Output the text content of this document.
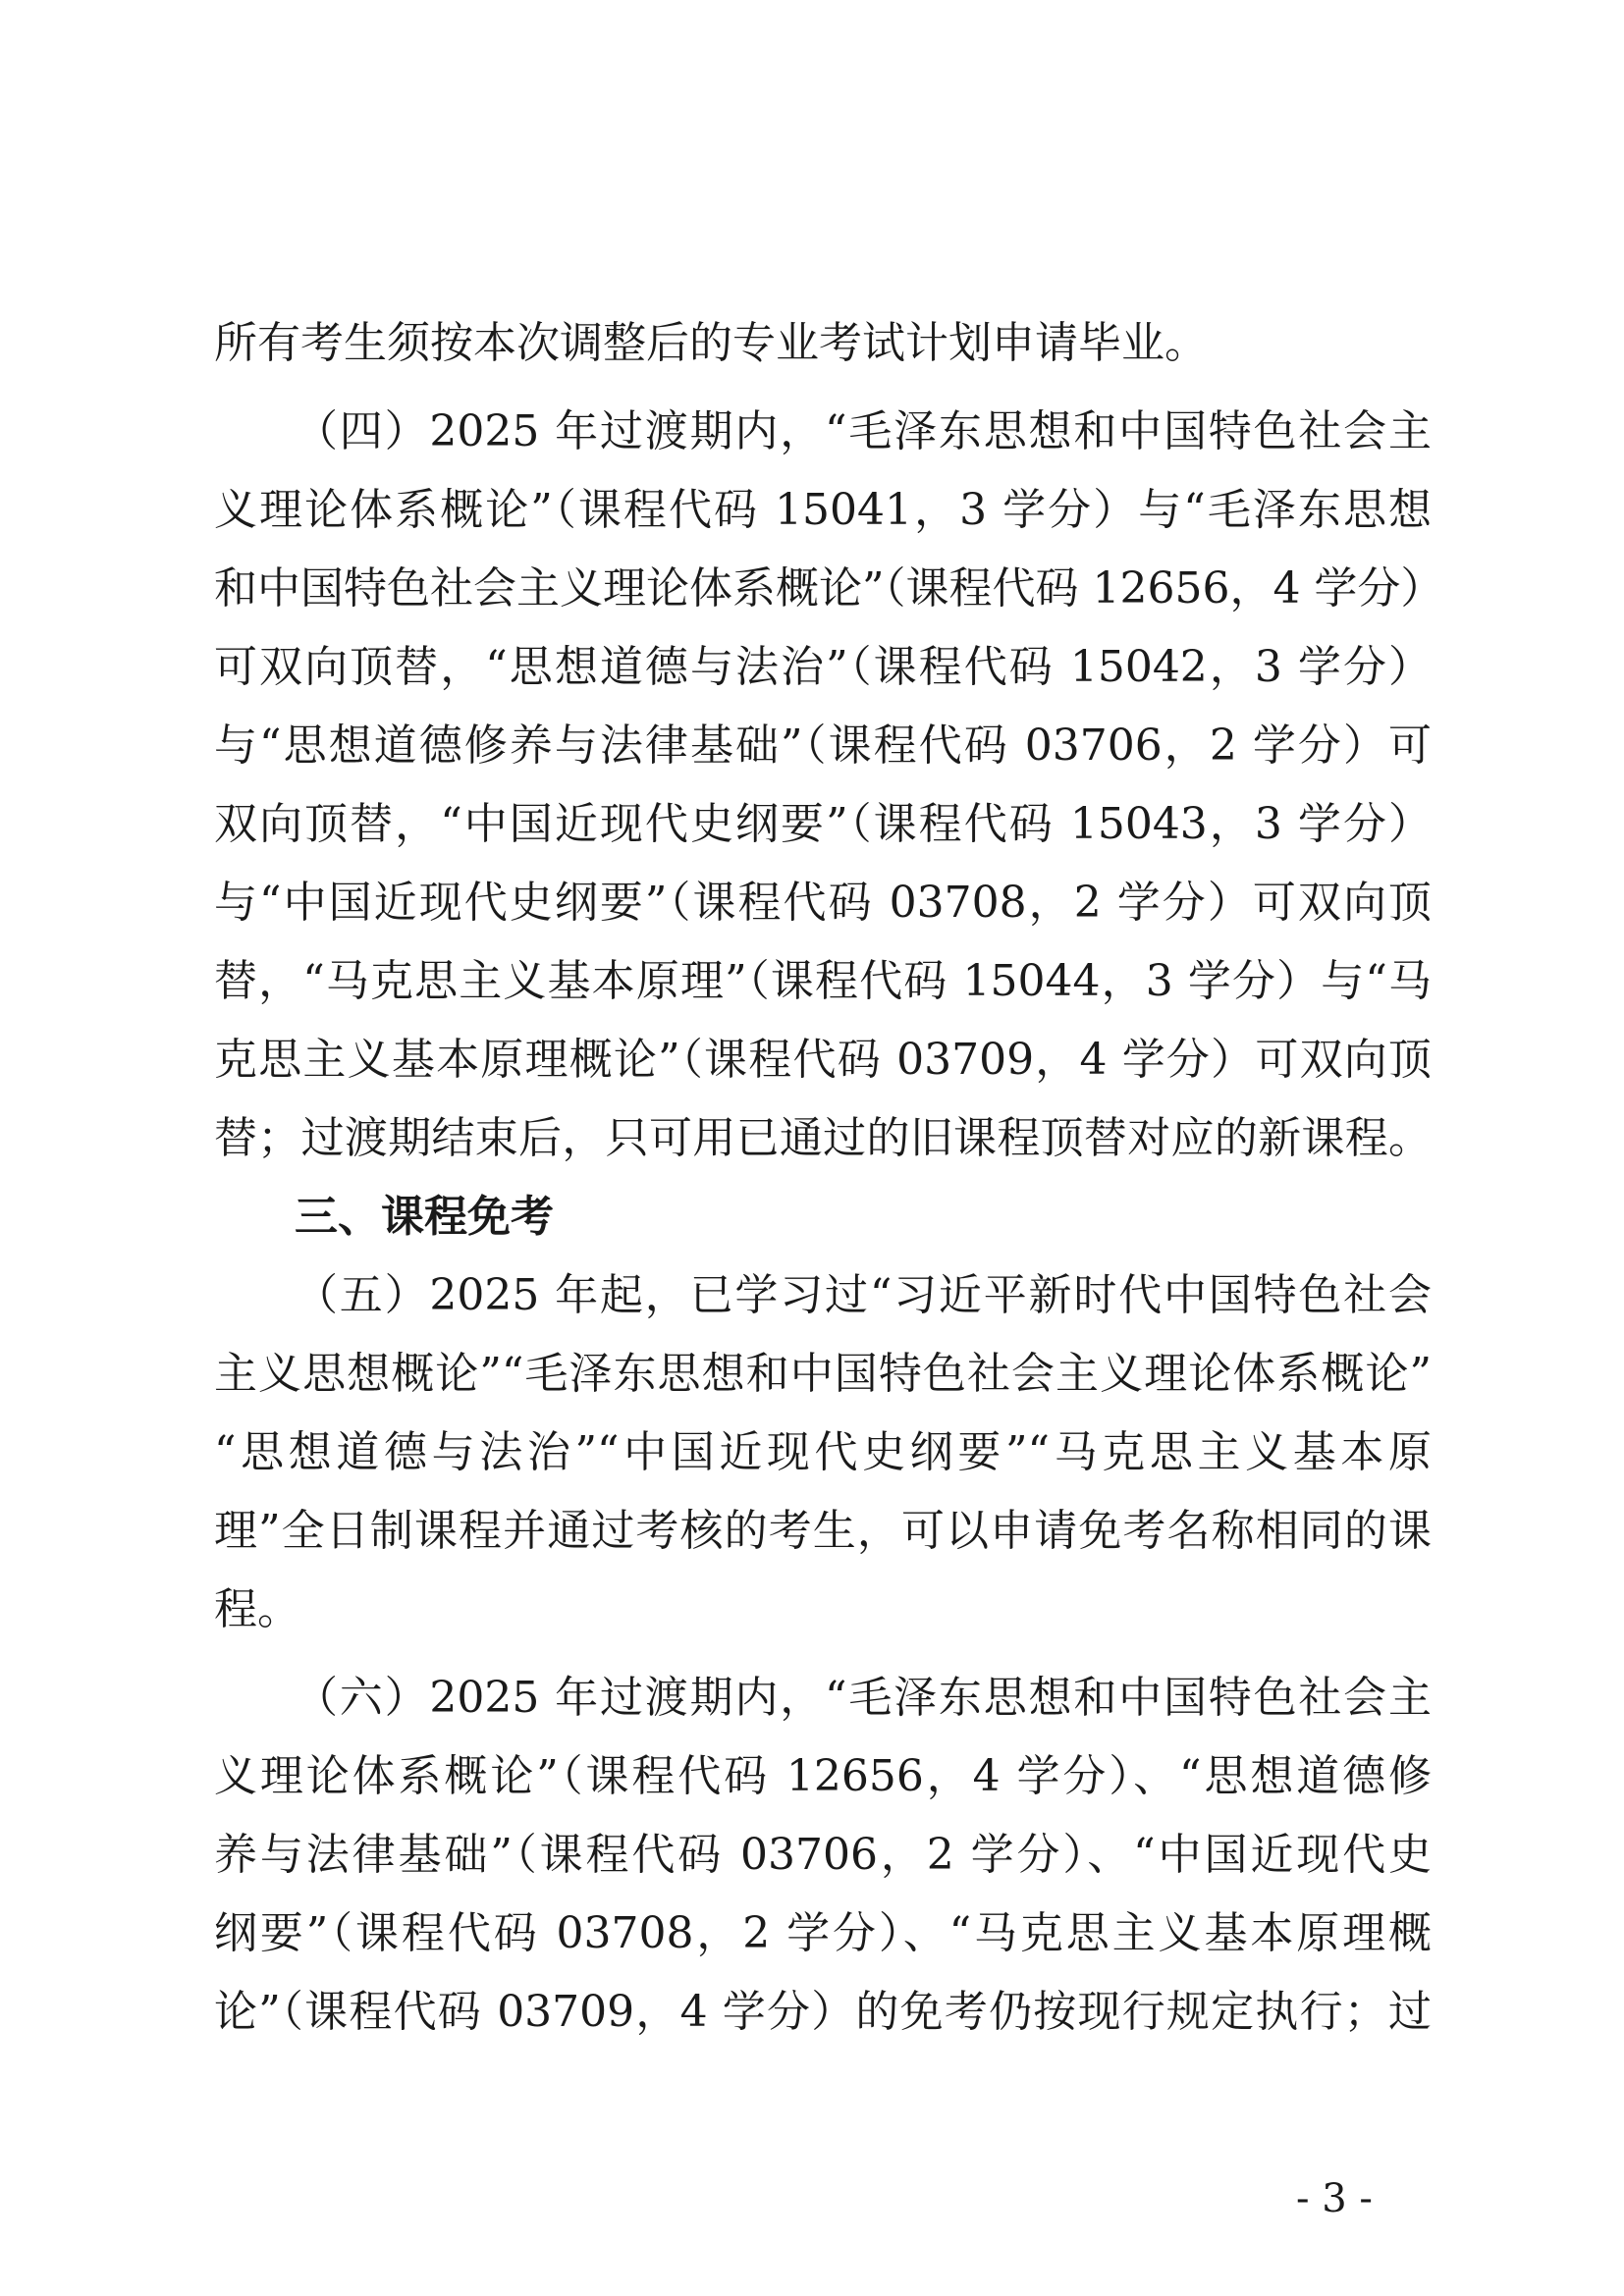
所有考生须按本次调整后的专业考试计划申请毕业。
（四）2025 年过渡期内，“毛泽东思想和中国特色社会主
义理论体系概论”（课程代码 15041，3 学分）与“毛泽东思想
和中国特色社会主义理论体系概论”（课程代码 12656，4 学分）
可双向顶替，“思想道德与法治”（课程代码 15042，3 学分）
与“思想道德修养与法律基础”（课程代码 03706，2 学分）可
双向顶替，“中国近现代史纲要”（课程代码 15043，3 学分）
与“中国近现代史纲要”（课程代码 03708，2 学分）可双向顶
替，“马克思主义基本原理”（课程代码 15044，3 学分）与“马
克思主义基本原理概论”（课程代码 03709，4 学分）可双向顶
替；过渡期结束后，只可用已通过的旧课程顶替对应的新课程。
三、课程免考
（五）2025 年起，已学习过“习近平新时代中国特色社会
主义思想概论”“毛泽东思想和中国特色社会主义理论体系概论”
“思想道德与法治”“中国近现代史纲要”“马克思主义基本原
理”全日制课程并通过考核的考生，可以申请免考名称相同的课
程。
（六）2025 年过渡期内，“毛泽东思想和中国特色社会主
义理论体系概论”（课程代码 12656，4 学分）、“思想道德修
养与法律基础”（课程代码 03706，2 学分）、“中国近现代史
纲要”（课程代码 03708，2 学分）、“马克思主义基本原理概
论”（课程代码 03709，4 学分）的免考仍按现行规定执行；过
- 3 -
